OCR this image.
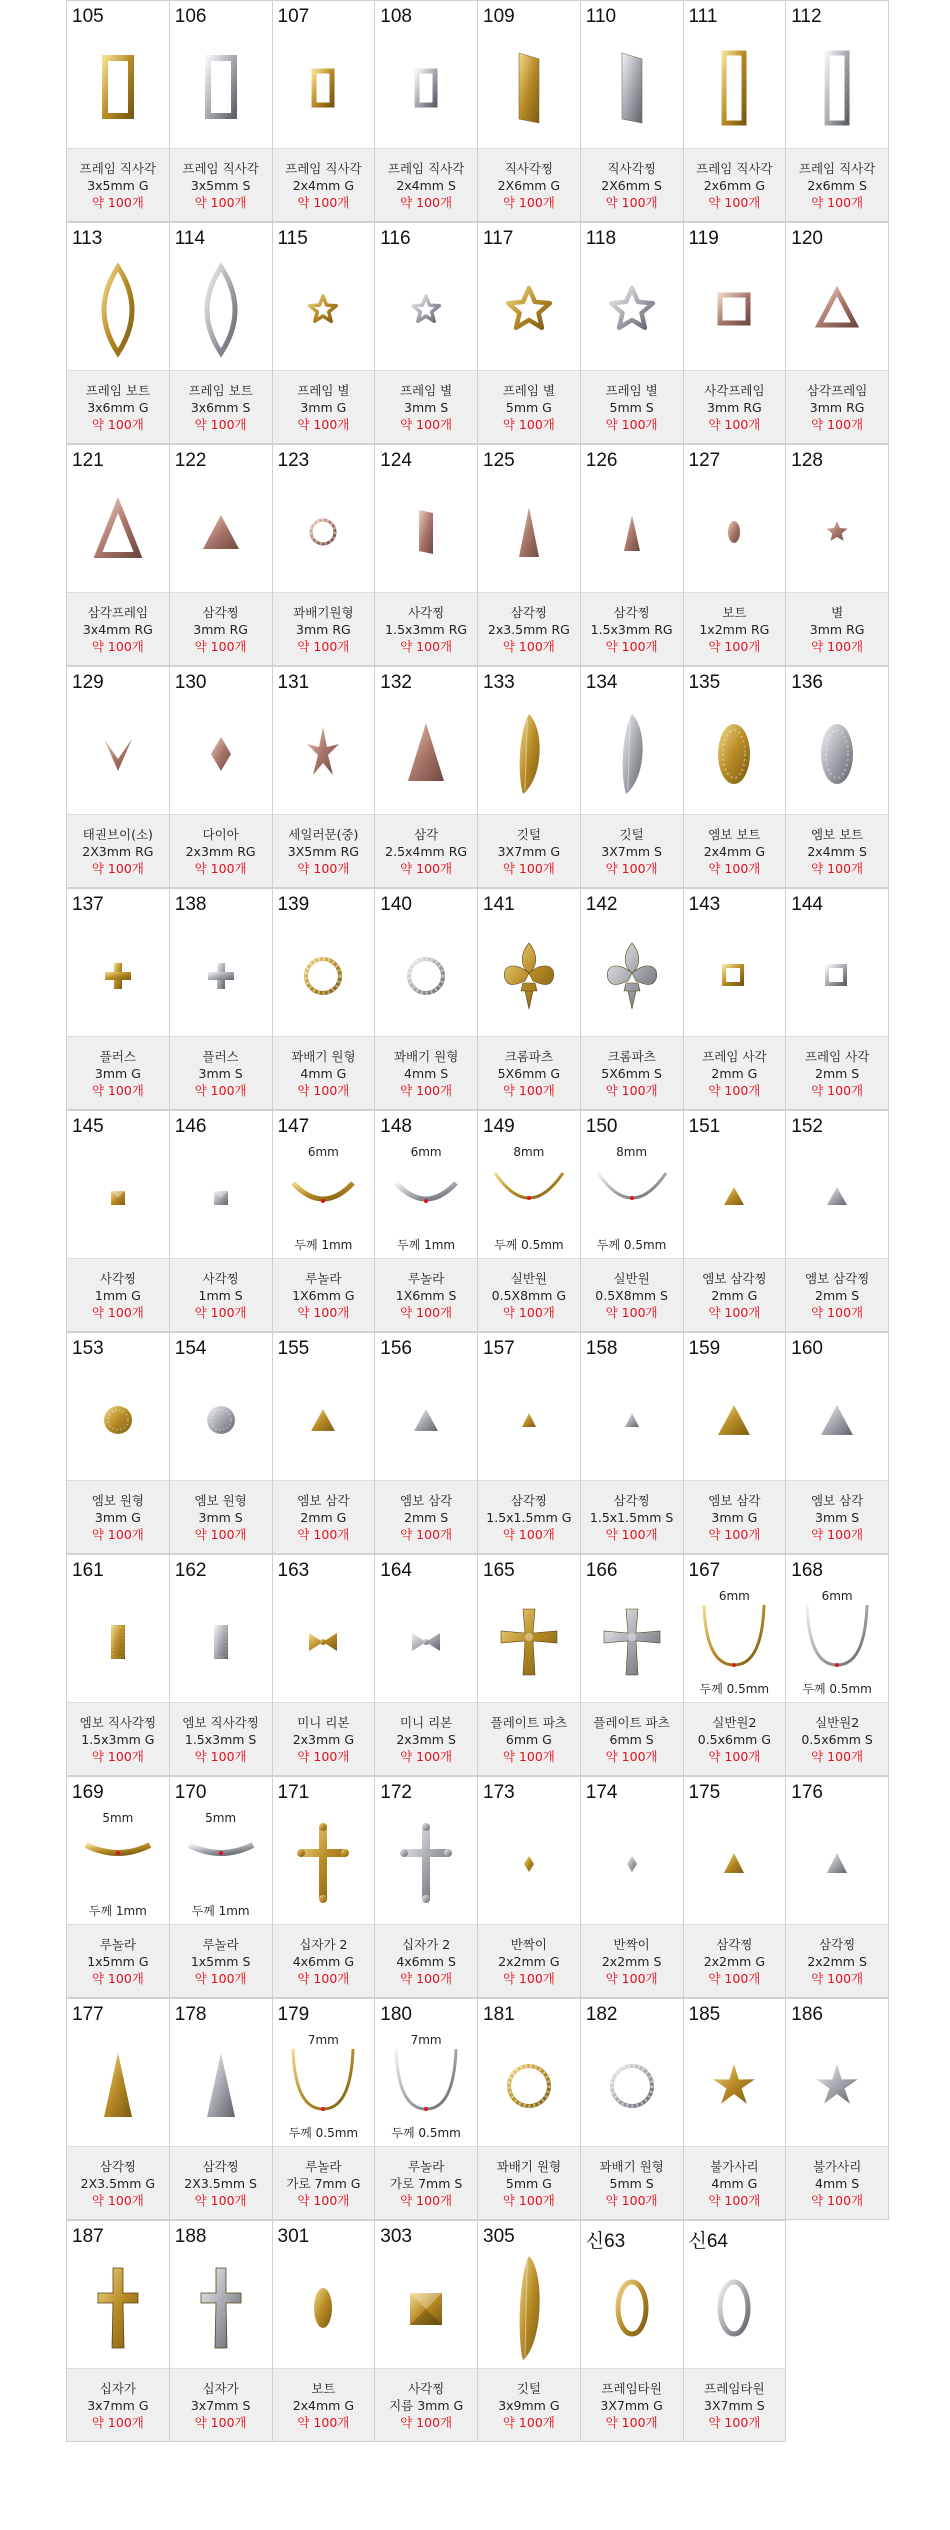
105
프레임 직사각
3x5mm G
약 100개
106
프레임 직사각
3x5mm S
약 100개
107
프레임 직사각
2x4mm G
약 100개
108
프레임 직사각
2x4mm S
약 100개
109
직사각찡
2X6mm G
약 100개
110
직사각찡
2X6mm S
약 100개
111
프레임 직사각
2x6mm G
약 100개
112
프레임 직사각
2x6mm S
약 100개
113
프레임 보트
3x6mm G
약 100개
114
프레임 보트
3x6mm S
약 100개
115
프레임 별
3mm G
약 100개
116
프레임 별
3mm S
약 100개
117
프레임 별
5mm G
약 100개
118
프레임 별
5mm S
약 100개
119
사각프레임
3mm RG
약 100개
120
삼각프레임
3mm RG
약 100개
121
삼각프레임
3x4mm RG
약 100개
122
삼각찡
3mm RG
약 100개
123
꽈배기원형
3mm RG
약 100개
124
사각찡
1.5x3mm RG
약 100개
125
삼각찡
2x3.5mm RG
약 100개
126
삼각찡
1.5x3mm RG
약 100개
127
보트
1x2mm RG
약 100개
128
별
3mm RG
약 100개
129
태권브이(소)
2X3mm RG
약 100개
130
다이아
2x3mm RG
약 100개
131
세일러문(중)
3X5mm RG
약 100개
132
삼각
2.5x4mm RG
약 100개
133
깃털
3X7mm G
약 100개
134
깃털
3X7mm S
약 100개
135
엠보 보트
2x4mm G
약 100개
136
엠보 보트
2x4mm S
약 100개
137
플러스
3mm G
약 100개
138
플러스
3mm S
약 100개
139
꽈배기 원형
4mm G
약 100개
140
꽈배기 원형
4mm S
약 100개
141
크롬파츠
5X6mm G
약 100개
142
크롬파츠
5X6mm S
약 100개
143
프레임 사각
2mm G
약 100개
144
프레임 사각
2mm S
약 100개
145
사각찡
1mm G
약 100개
146
사각찡
1mm S
약 100개
147
6mm
두께 1mm
루놀라
1X6mm G
약 100개
148
6mm
두께 1mm
루놀라
1X6mm S
약 100개
149
8mm
두께 0.5mm
실반원
0.5X8mm G
약 100개
150
8mm
두께 0.5mm
실반원
0.5X8mm S
약 100개
151
엠보 삼각찡
2mm G
약 100개
152
엠보 삼각찡
2mm S
약 100개
153
엠보 원형
3mm G
약 100개
154
엠보 원형
3mm S
약 100개
155
엠보 삼각
2mm G
약 100개
156
엠보 삼각
2mm S
약 100개
157
삼각찡
1.5x1.5mm G
약 100개
158
삼각찡
1.5x1.5mm S
약 100개
159
엠보 삼각
3mm G
약 100개
160
엠보 삼각
3mm S
약 100개
161
엠보 직사각찡
1.5x3mm G
약 100개
162
엠보 직사각찡
1.5x3mm S
약 100개
163
미니 리본
2x3mm G
약 100개
164
미니 리본
2x3mm S
약 100개
165
플레이트 파츠
6mm G
약 100개
166
플레이트 파츠
6mm S
약 100개
167
6mm
두께 0.5mm
실반원2
0.5x6mm G
약 100개
168
6mm
두께 0.5mm
실반원2
0.5x6mm S
약 100개
169
5mm
두께 1mm
루놀라
1x5mm G
약 100개
170
5mm
두께 1mm
루놀라
1x5mm S
약 100개
171
십자가 2
4x6mm G
약 100개
172
십자가 2
4x6mm S
약 100개
173
반짝이
2x2mm G
약 100개
174
반짝이
2x2mm S
약 100개
175
삼각찡
2x2mm G
약 100개
176
삼각찡
2x2mm S
약 100개
177
삼각찡
2X3.5mm G
약 100개
178
삼각찡
2X3.5mm S
약 100개
179
7mm
두께 0.5mm
루놀라
가로 7mm G
약 100개
180
7mm
두께 0.5mm
루놀라
가로 7mm S
약 100개
181
꽈배기 원형
5mm G
약 100개
182
꽈배기 원형
5mm S
약 100개
185
불가사리
4mm G
약 100개
186
불가사리
4mm S
약 100개
187
십자가
3x7mm G
약 100개
188
십자가
3x7mm S
약 100개
301
보트
2x4mm G
약 100개
303
사각찡
지름 3mm G
약 100개
305
깃털
3x9mm G
약 100개
신63
프레임타원
3X7mm G
약 100개
신64
프레임타원
3X7mm S
약 100개
